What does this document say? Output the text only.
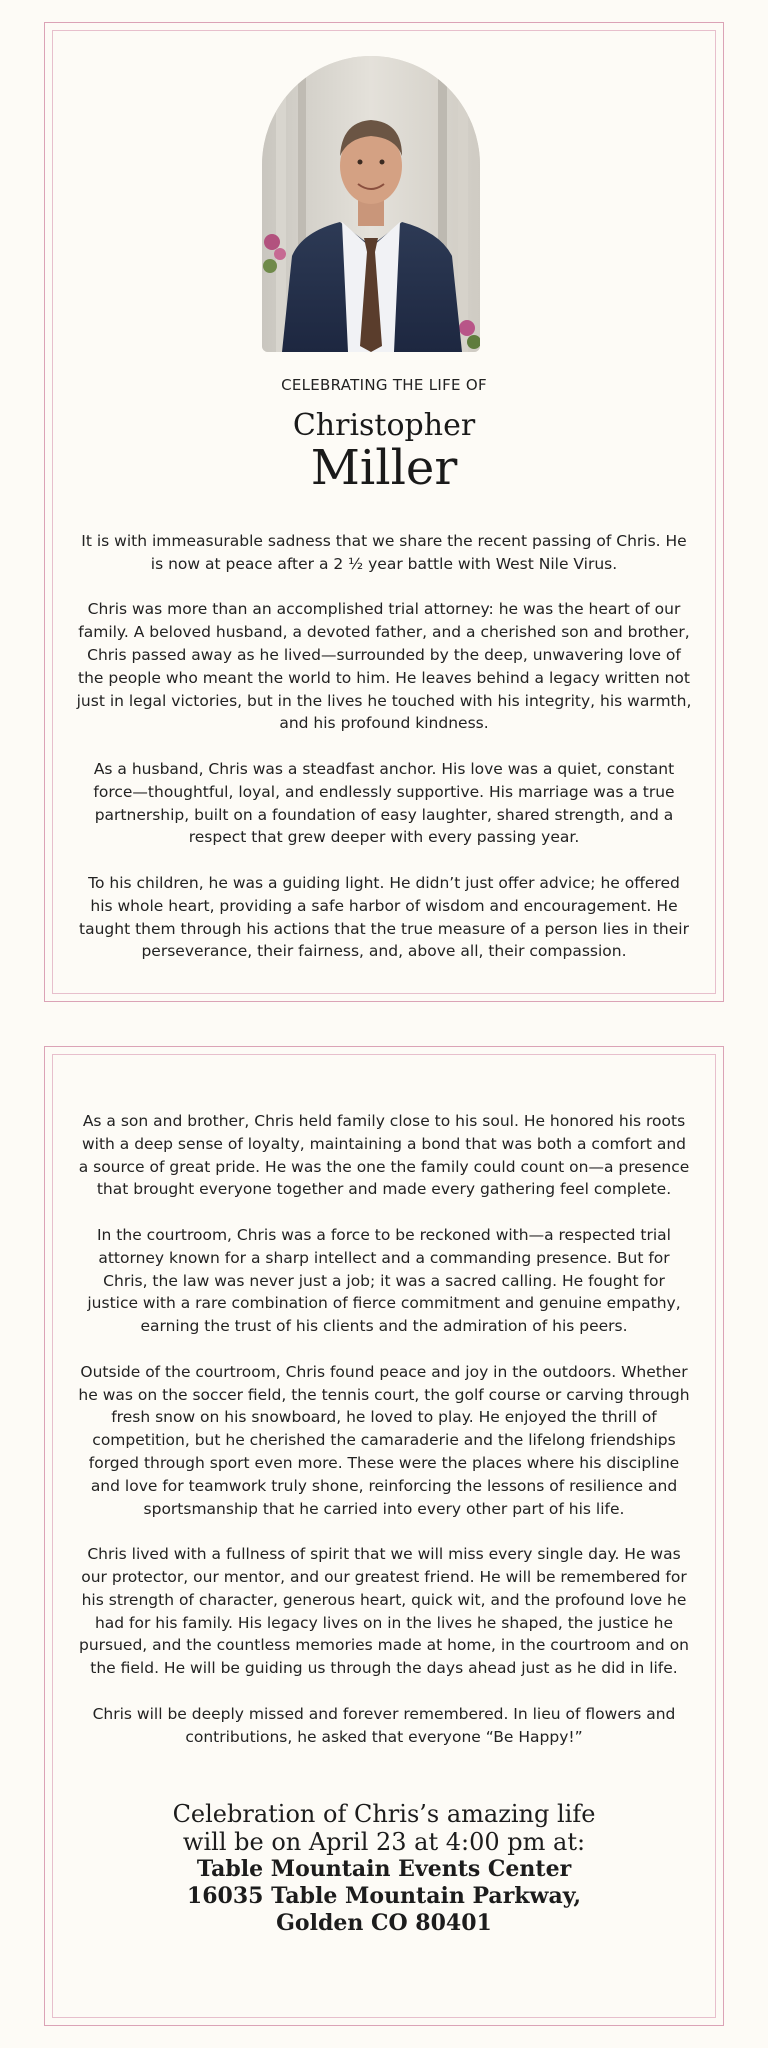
CELEBRATING THE LIFE OF
Christopher
Miller

It is with immeasurable sadness that we share the recent passing of Chris. He is now at peace after a 2 ½ year battle with West Nile Virus.

Chris was more than an accomplished trial attorney: he was the heart of our family. A beloved husband, a devoted father, and a cherished son and brother, Chris passed away as he lived—surrounded by the deep, unwavering love of the people who meant the world to him. He leaves behind a legacy written not just in legal victories, but in the lives he touched with his integrity, his warmth, and his profound kindness.

As a husband, Chris was a steadfast anchor. His love was a quiet, constant force—thoughtful, loyal, and endlessly supportive. His marriage was a true partnership, built on a foundation of easy laughter, shared strength, and a respect that grew deeper with every passing year.

To his children, he was a guiding light. He didn’t just offer advice; he offered his whole heart, providing a safe harbor of wisdom and encouragement. He taught them through his actions that the true measure of a person lies in their perseverance, their fairness, and, above all, their compassion.

As a son and brother, Chris held family close to his soul. He honored his roots with a deep sense of loyalty, maintaining a bond that was both a comfort and a source of great pride. He was the one the family could count on—a presence that brought everyone together and made every gathering feel complete.

In the courtroom, Chris was a force to be reckoned with—a respected trial attorney known for a sharp intellect and a commanding presence. But for Chris, the law was never just a job; it was a sacred calling. He fought for justice with a rare combination of fierce commitment and genuine empathy, earning the trust of his clients and the admiration of his peers.

Outside of the courtroom, Chris found peace and joy in the outdoors. Whether he was on the soccer field, the tennis court, the golf course or carving through fresh snow on his snowboard, he loved to play. He enjoyed the thrill of competition, but he cherished the camaraderie and the lifelong friendships forged through sport even more. These were the places where his discipline and love for teamwork truly shone, reinforcing the lessons of resilience and sportsmanship that he carried into every other part of his life.

Chris lived with a fullness of spirit that we will miss every single day. He was our protector, our mentor, and our greatest friend. He will be remembered for his strength of character, generous heart, quick wit, and the profound love he had for his family. His legacy lives on in the lives he shaped, the justice he pursued, and the countless memories made at home, in the courtroom and on the field. He will be guiding us through the days ahead just as he did in life.

Chris will be deeply missed and forever remembered. In lieu of flowers and contributions, he asked that everyone “Be Happy!”

Celebration of Chris’s amazing life will be on April 23 at 4:00 pm at:
Table Mountain Events Center
16035 Table Mountain Parkway,
Golden CO 80401
